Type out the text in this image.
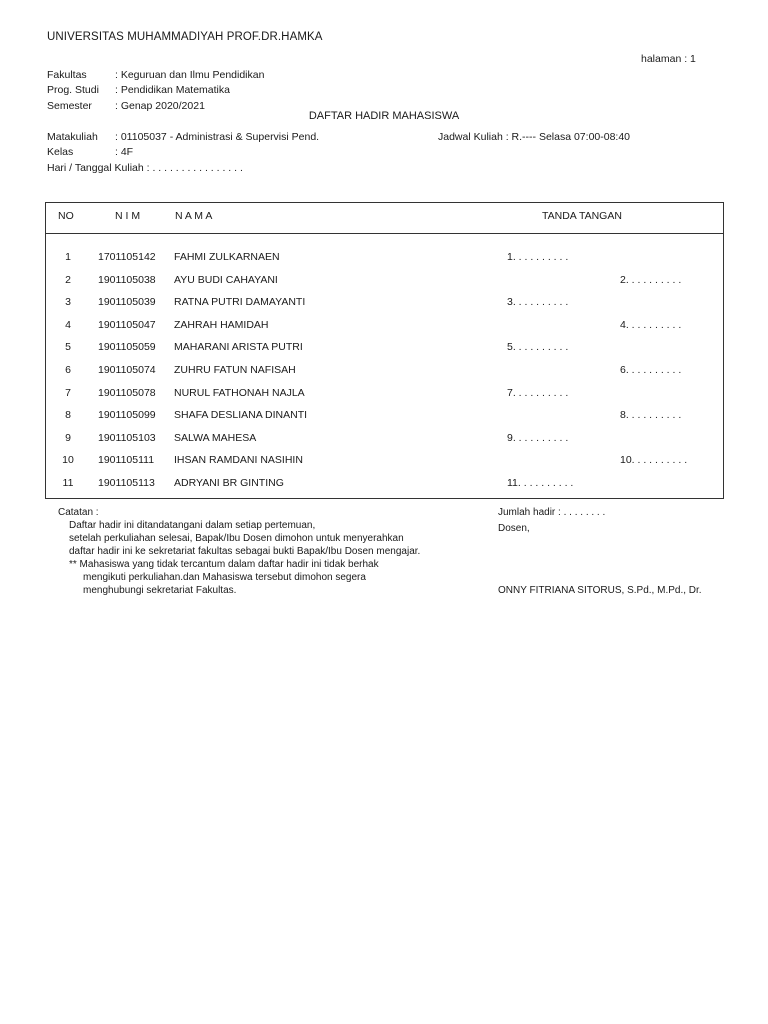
UNIVERSITAS MUHAMMADIYAH PROF.DR.HAMKA
halaman : 1
Fakultas	: Keguruan dan Ilmu Pendidikan
Prog. Studi : Pendidikan Matematika
Semester : Genap 2020/2021
DAFTAR HADIR MAHASISWA
Matakuliah : 01105037 - Administrasi & Supervisi Pend.	Jadwal Kuliah : R.---- Selasa 07:00-08:40
Kelas	: 4F
Hari / Tanggal Kuliah : . . . . . . . . . . . . . . . .
NO	N I M	N A M A	TANDA TANGAN
1	1701105142 FAHMI ZULKARNAEN	1. . . . . . . . . .
2	1901105038 AYU BUDI CAHAYANI	2. . . . . . . . . .
3	1901105039 RATNA PUTRI DAMAYANTI	3. . . . . . . . . .
4	1901105047 ZAHRAH HAMIDAH	4. . . . . . . . . .
5	1901105059 MAHARANI ARISTA PUTRI	5. . . . . . . . . .
6	1901105074 ZUHRU FATUN NAFISAH	6. . . . . . . . . .
7	1901105078 NURUL FATHONAH NAJLA	7. . . . . . . . . .
8	1901105099 SHAFA DESLIANA DINANTI	8. . . . . . . . . .
9	1901105103 SALWA MAHESA	9. . . . . . . . . .
10	1901105111 IHSAN RAMDANI NASIHIN	10. . . . . . . . . .
11	1901105113 ADRYANI BR GINTING	11. . . . . . . . . .
Catatan :
Daftar hadir ini ditandatangani dalam setiap pertemuan,
setelah perkuliahan selesai, Bapak/Ibu Dosen dimohon untuk menyerahkan
daftar hadir ini ke sekretariat fakultas sebagai bukti Bapak/Ibu Dosen mengajar.
** Mahasiswa yang tidak tercantum dalam daftar hadir ini tidak berhak
mengikuti perkuliahan.dan Mahasiswa tersebut dimohon segera
menghubungi sekretariat Fakultas.
Jumlah hadir : . . . . . . . .
Dosen,
ONNY FITRIANA SITORUS, S.Pd., M.Pd., Dr.
